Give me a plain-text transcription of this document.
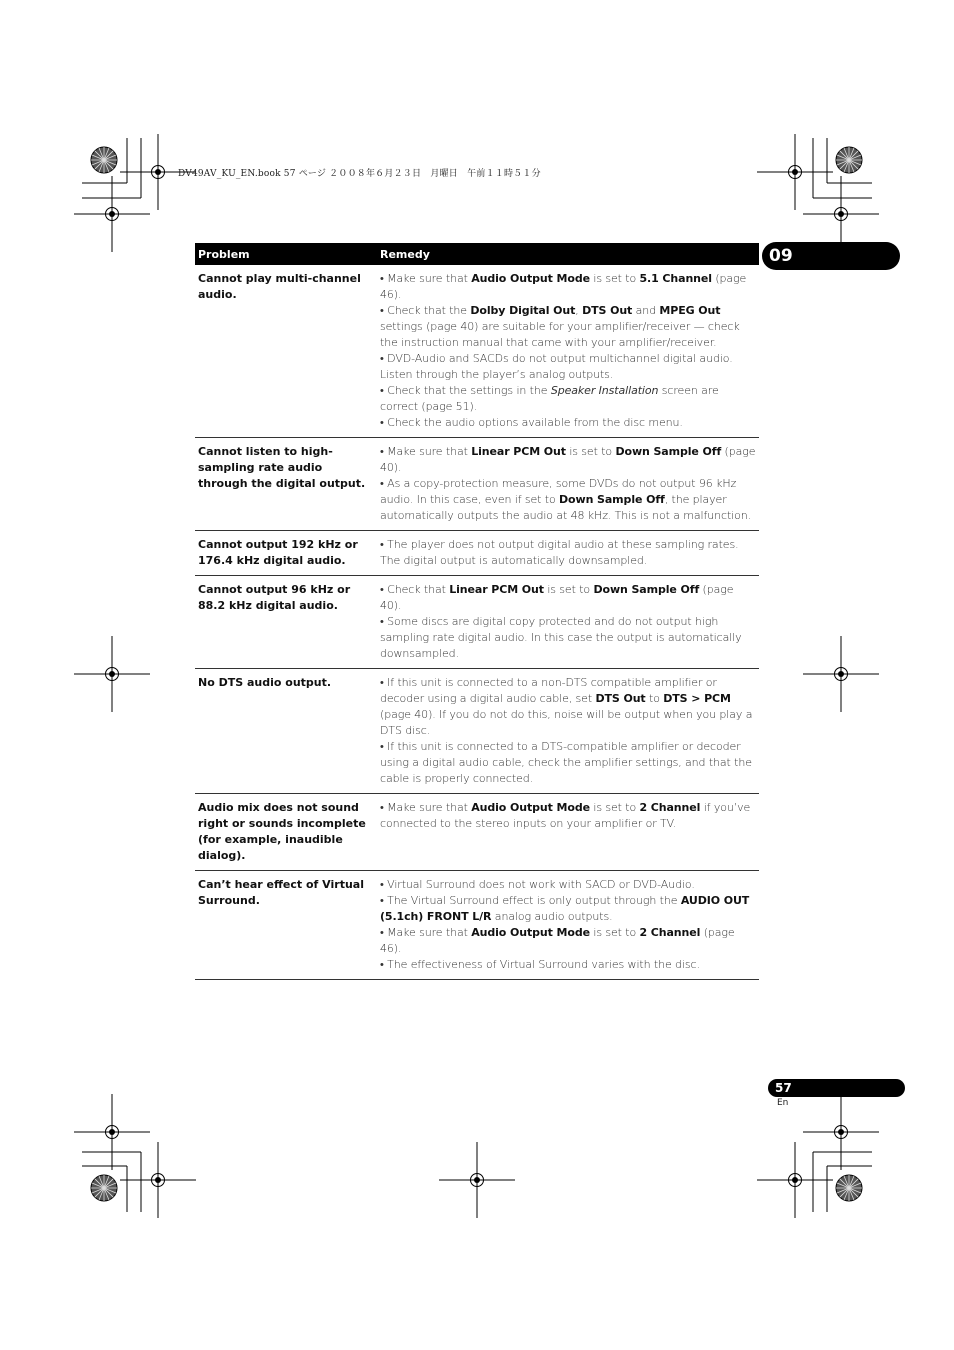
DV49AV_KU_EN.book 57 ページ ２００８年６月２３日　月曜日　午前１１時５１分
09
Problem	Remedy
Cannot play multi-channel audio.	• Make sure that Audio Output Mode is set to 5.1 Channel (page 46).
• Check that the Dolby Digital Out, DTS Out and MPEG Out settings (page 40) are suitable for your amplifier/receiver — check the instruction manual that came with your amplifier/receiver.
• DVD-Audio and SACDs do not output multichannel digital audio. Listen through the player’s analog outputs.
• Check that the settings in the Speaker Installation screen are correct (page 51).
• Check the audio options available from the disc menu.

Cannot listen to high-sampling rate audio through the digital output.	• Make sure that Linear PCM Out is set to Down Sample Off (page 40).
• As a copy-protection measure, some DVDs do not output 96 kHz audio. In this case, even if set to Down Sample Off, the player automatically outputs the audio at 48 kHz. This is not a malfunction.

Cannot output 192 kHz or 176.4 kHz digital audio.	• The player does not output digital audio at these sampling rates. The digital output is automatically downsampled.

Cannot output 96 kHz or 88.2 kHz digital audio.	• Check that Linear PCM Out is set to Down Sample Off (page 40).
• Some discs are digital copy protected and do not output high sampling rate digital audio. In this case the output is automatically downsampled.

No DTS audio output.	• If this unit is connected to a non-DTS compatible amplifier or decoder using a digital audio cable, set DTS Out to DTS > PCM (page 40). If you do not do this, noise will be output when you play a DTS disc.
• If this unit is connected to a DTS-compatible amplifier or decoder using a digital audio cable, check the amplifier settings, and that the cable is properly connected.

Audio mix does not sound right or sounds incomplete (for example, inaudible dialog).	• Make sure that Audio Output Mode is set to 2 Channel if you’ve connected to the stereo inputs on your amplifier or TV.

Can’t hear effect of Virtual Surround.	• Virtual Surround does not work with SACD or DVD-Audio.
• The Virtual Surround effect is only output through the AUDIO OUT (5.1ch) FRONT L/R analog audio outputs.
• Make sure that Audio Output Mode is set to 2 Channel (page 46).
• The effectiveness of Virtual Surround varies with the disc.
57
En
